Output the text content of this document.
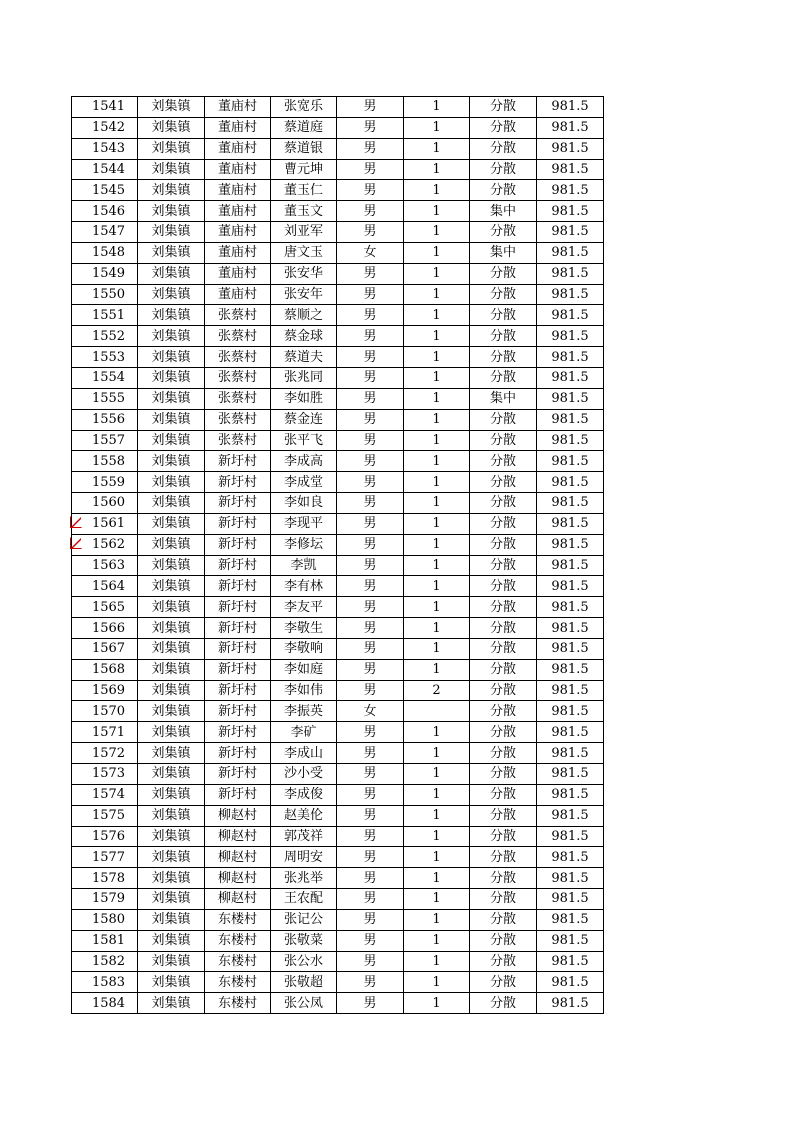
1541	刘集镇	董庙村	张宽乐	男	1	分散	981.5
1542	刘集镇	董庙村	蔡道庭	男	1	分散	981.5
1543	刘集镇	董庙村	蔡道银	男	1	分散	981.5
1544	刘集镇	董庙村	曹元坤	男	1	分散	981.5
1545	刘集镇	董庙村	董玉仁	男	1	分散	981.5
1546	刘集镇	董庙村	董玉文	男	1	集中	981.5
1547	刘集镇	董庙村	刘亚军	男	1	分散	981.5
1548	刘集镇	董庙村	唐文玉	女	1	集中	981.5
1549	刘集镇	董庙村	张安华	男	1	分散	981.5
1550	刘集镇	董庙村	张安年	男	1	分散	981.5
1551	刘集镇	张蔡村	蔡顺之	男	1	分散	981.5
1552	刘集镇	张蔡村	蔡金球	男	1	分散	981.5
1553	刘集镇	张蔡村	蔡道夫	男	1	分散	981.5
1554	刘集镇	张蔡村	张兆同	男	1	分散	981.5
1555	刘集镇	张蔡村	李如胜	男	1	集中	981.5
1556	刘集镇	张蔡村	蔡金连	男	1	分散	981.5
1557	刘集镇	张蔡村	张平飞	男	1	分散	981.5
1558	刘集镇	新圩村	李成高	男	1	分散	981.5
1559	刘集镇	新圩村	李成堂	男	1	分散	981.5
1560	刘集镇	新圩村	李如良	男	1	分散	981.5

1561	刘集镇	新圩村	李现平	男	1	分散	981.5

1562	刘集镇	新圩村	李修坛	男	1	分散	981.5
1563	刘集镇	新圩村	李凯	男	1	分散	981.5
1564	刘集镇	新圩村	李有林	男	1	分散	981.5
1565	刘集镇	新圩村	李友平	男	1	分散	981.5
1566	刘集镇	新圩村	李敬生	男	1	分散	981.5
1567	刘集镇	新圩村	李敬响	男	1	分散	981.5
1568	刘集镇	新圩村	李如庭	男	1	分散	981.5
1569	刘集镇	新圩村	李如伟	男	2	分散	981.5
1570	刘集镇	新圩村	李振英	女		分散	981.5
1571	刘集镇	新圩村	李矿	男	1	分散	981.5
1572	刘集镇	新圩村	李成山	男	1	分散	981.5
1573	刘集镇	新圩村	沙小受	男	1	分散	981.5
1574	刘集镇	新圩村	李成俊	男	1	分散	981.5
1575	刘集镇	柳赵村	赵美伦	男	1	分散	981.5
1576	刘集镇	柳赵村	郭茂祥	男	1	分散	981.5
1577	刘集镇	柳赵村	周明安	男	1	分散	981.5
1578	刘集镇	柳赵村	张兆举	男	1	分散	981.5
1579	刘集镇	柳赵村	王农配	男	1	分散	981.5
1580	刘集镇	东楼村	张记公	男	1	分散	981.5
1581	刘集镇	东楼村	张敬菜	男	1	分散	981.5
1582	刘集镇	东楼村	张公水	男	1	分散	981.5
1583	刘集镇	东楼村	张敬超	男	1	分散	981.5
1584	刘集镇	东楼村	张公凤	男	1	分散	981.5
